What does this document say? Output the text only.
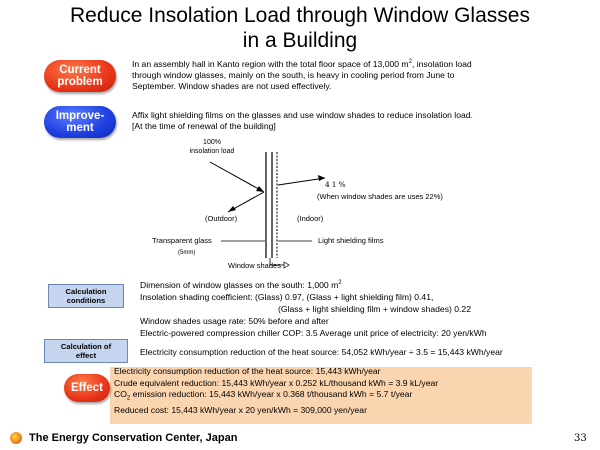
Reduce Insolation Load through Window Glasses
in a Building
Current problem
In an assembly hall in Kanto region with the total floor space of 13,000 $m^2$, insolation load
through window glasses, mainly on the south, is heavy in cooling period from June to
September. Window shades are not used effectively.
Improve-ment
Affix light shielding films on the glasses and use window shades to reduce insolation load.
[At the time of renewal of the building]
100%
insolation load
41%
(When window shades are uses 22%)
(Outdoor)	(Indoor)
Transparent glass
(5mm)
Light shielding films
Window shades
Calculation conditions
Dimension of window glasses on the south: 1,000 $m^2$
Insolation shading coefficient: (Glass) 0.97, (Glass + light shielding film) 0.41,
(Glass + light shielding film + window shades) 0.22
Window shades usage rate: 50% before and after
Electric-powered compression chiller COP: 3.5 Average unit price of electricity: 20 yen/kWh
Calculation of effect	Electricity consumption reduction of the heat source: 54,052 kWh/year ÷ 3.5 = 15,443 kWh/year
Effect
Electricity consumption reduction of the heat source: 15,443 kWh/year
Crude equivalent reduction: 15,443 kWh/year x 0.252 kL/thousand kWh = 3.9 kL/year
$CO_2$ emission reduction: 15,443 kWh/year x 0.368 t/thousand kWh = 5.7 t/year
Reduced cost: 15,443 kWh/year x 20 yen/kWh = 309,000 yen/year
The Energy Conservation Center, Japan	33
